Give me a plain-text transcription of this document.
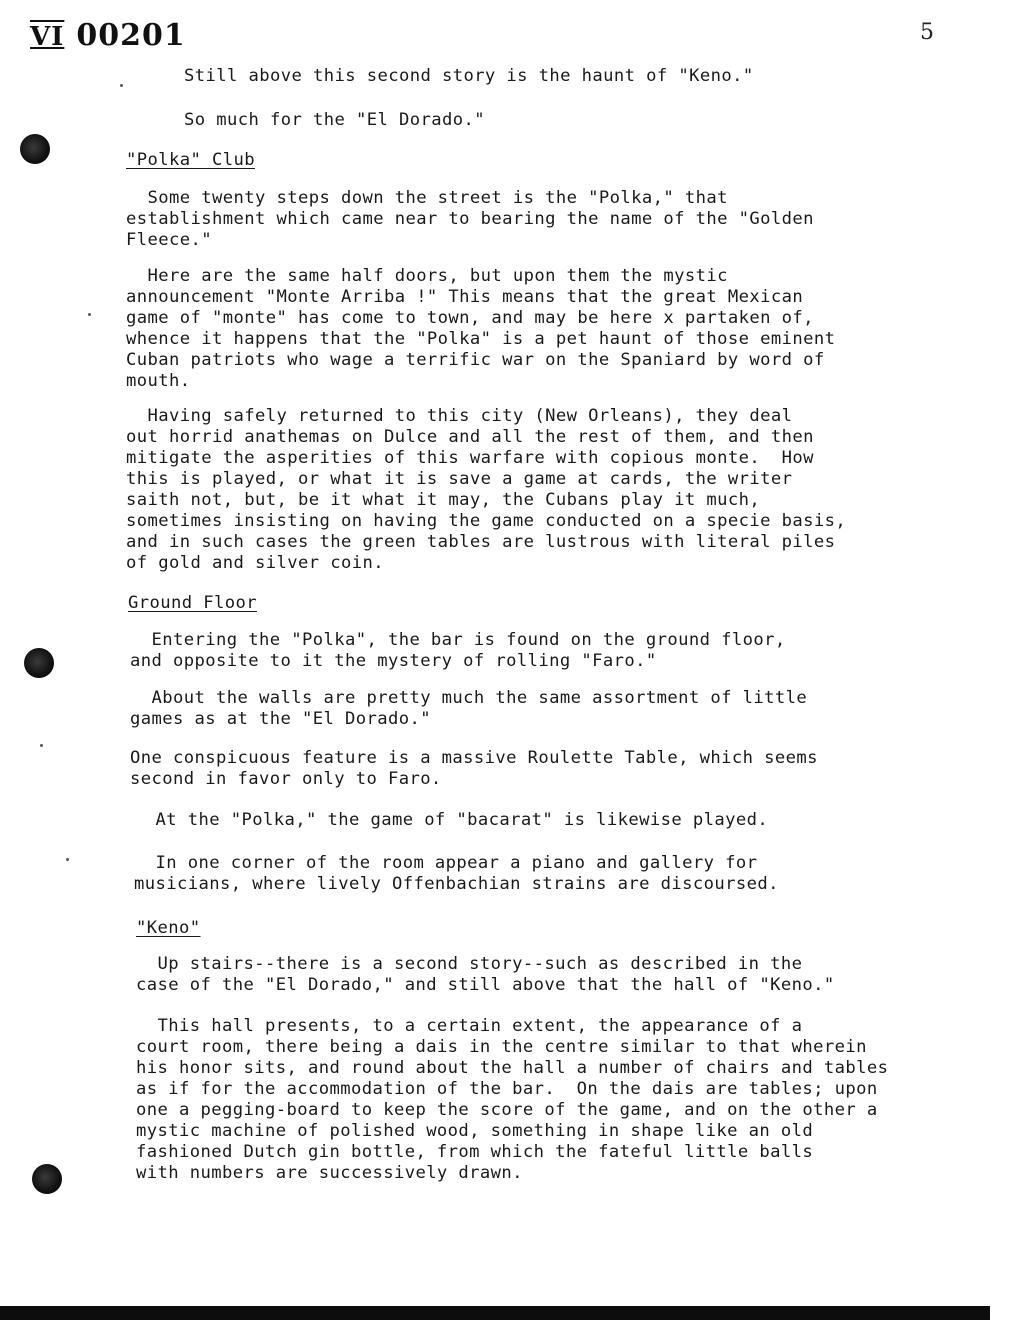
VI 00201	5

Still above this second story is the haunt of "Keno."

So much for the "El Dorado."

"Polka" Club

Some twenty steps down the street is the "Polka," that
establishment which came near to bearing the name of the "Golden
Fleece."

Here are the same half doors, but upon them the mystic
announcement "Monte Arriba !" This means that the great Mexican
game of "monte" has come to town, and may be here x partaken of,
whence it happens that the "Polka" is a pet haunt of those eminent
Cuban patriots who wage a terrific war on the Spaniard by word of
mouth.

Having safely returned to this city (New Orleans), they deal
out horrid anathemas on Dulce and all the rest of them, and then
mitigate the asperities of this warfare with copious monte.  How
this is played, or what it is save a game at cards, the writer
saith not, but, be it what it may, the Cubans play it much,
sometimes insisting on having the game conducted on a specie basis,
and in such cases the green tables are lustrous with literal piles
of gold and silver coin.

Ground Floor

Entering the "Polka", the bar is found on the ground floor,
and opposite to it the mystery of rolling "Faro."

About the walls are pretty much the same assortment of little
games as at the "El Dorado."

One conspicuous feature is a massive Roulette Table, which seems
second in favor only to Faro.

At the "Polka," the game of "bacarat" is likewise played.

In one corner of the room appear a piano and gallery for
musicians, where lively Offenbachian strains are discoursed.

"Keno"

Up stairs--there is a second story--such as described in the
case of the "El Dorado," and still above that the hall of "Keno."

This hall presents, to a certain extent, the appearance of a
court room, there being a dais in the centre similar to that wherein
his honor sits, and round about the hall a number of chairs and tables
as if for the accommodation of the bar.  On the dais are tables; upon
one a pegging-board to keep the score of the game, and on the other a
mystic machine of polished wood, something in shape like an old
fashioned Dutch gin bottle, from which the fateful little balls
with numbers are successively drawn.
